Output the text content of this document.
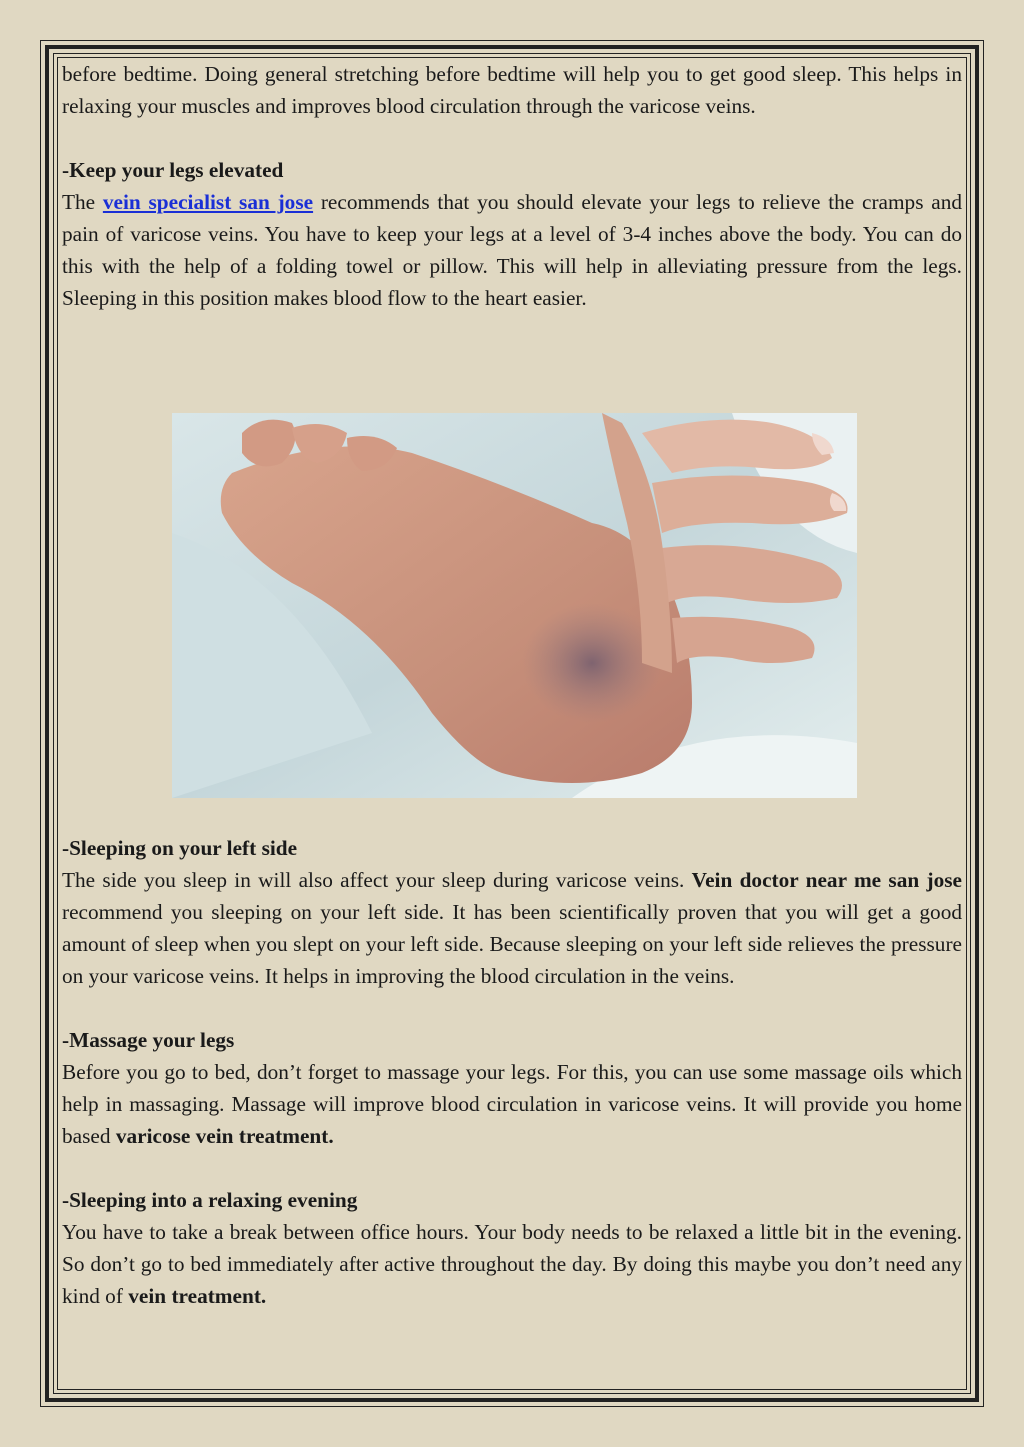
before bedtime. Doing general stretching before bedtime will help you to get good sleep. This helps in relaxing your muscles and improves blood circulation through the varicose veins.

-Keep your legs elevated

The vein specialist san jose recommends that you should elevate your legs to relieve the cramps and pain of varicose veins. You have to keep your legs at a level of 3-4 inches above the body. You can do this with the help of a folding towel or pillow. This will help in alleviating pressure from the legs. Sleeping in this position makes blood flow to the heart easier.

-Sleeping on your left side

The side you sleep in will also affect your sleep during varicose veins. Vein doctor near me san jose recommend you sleeping on your left side. It has been scientifically proven that you will get a good amount of sleep when you slept on your left side. Because sleeping on your left side relieves the pressure on your varicose veins. It helps in improving the blood circulation in the veins.

-Massage your legs

Before you go to bed, don’t forget to massage your legs. For this, you can use some massage oils which help in massaging. Massage will improve blood circulation in varicose veins. It will provide you home based varicose vein treatment.

-Sleeping into a relaxing evening

You have to take a break between office hours. Your body needs to be relaxed a little bit in the evening. So don’t go to bed immediately after active throughout the day. By doing this maybe you don’t need any kind of vein treatment.
